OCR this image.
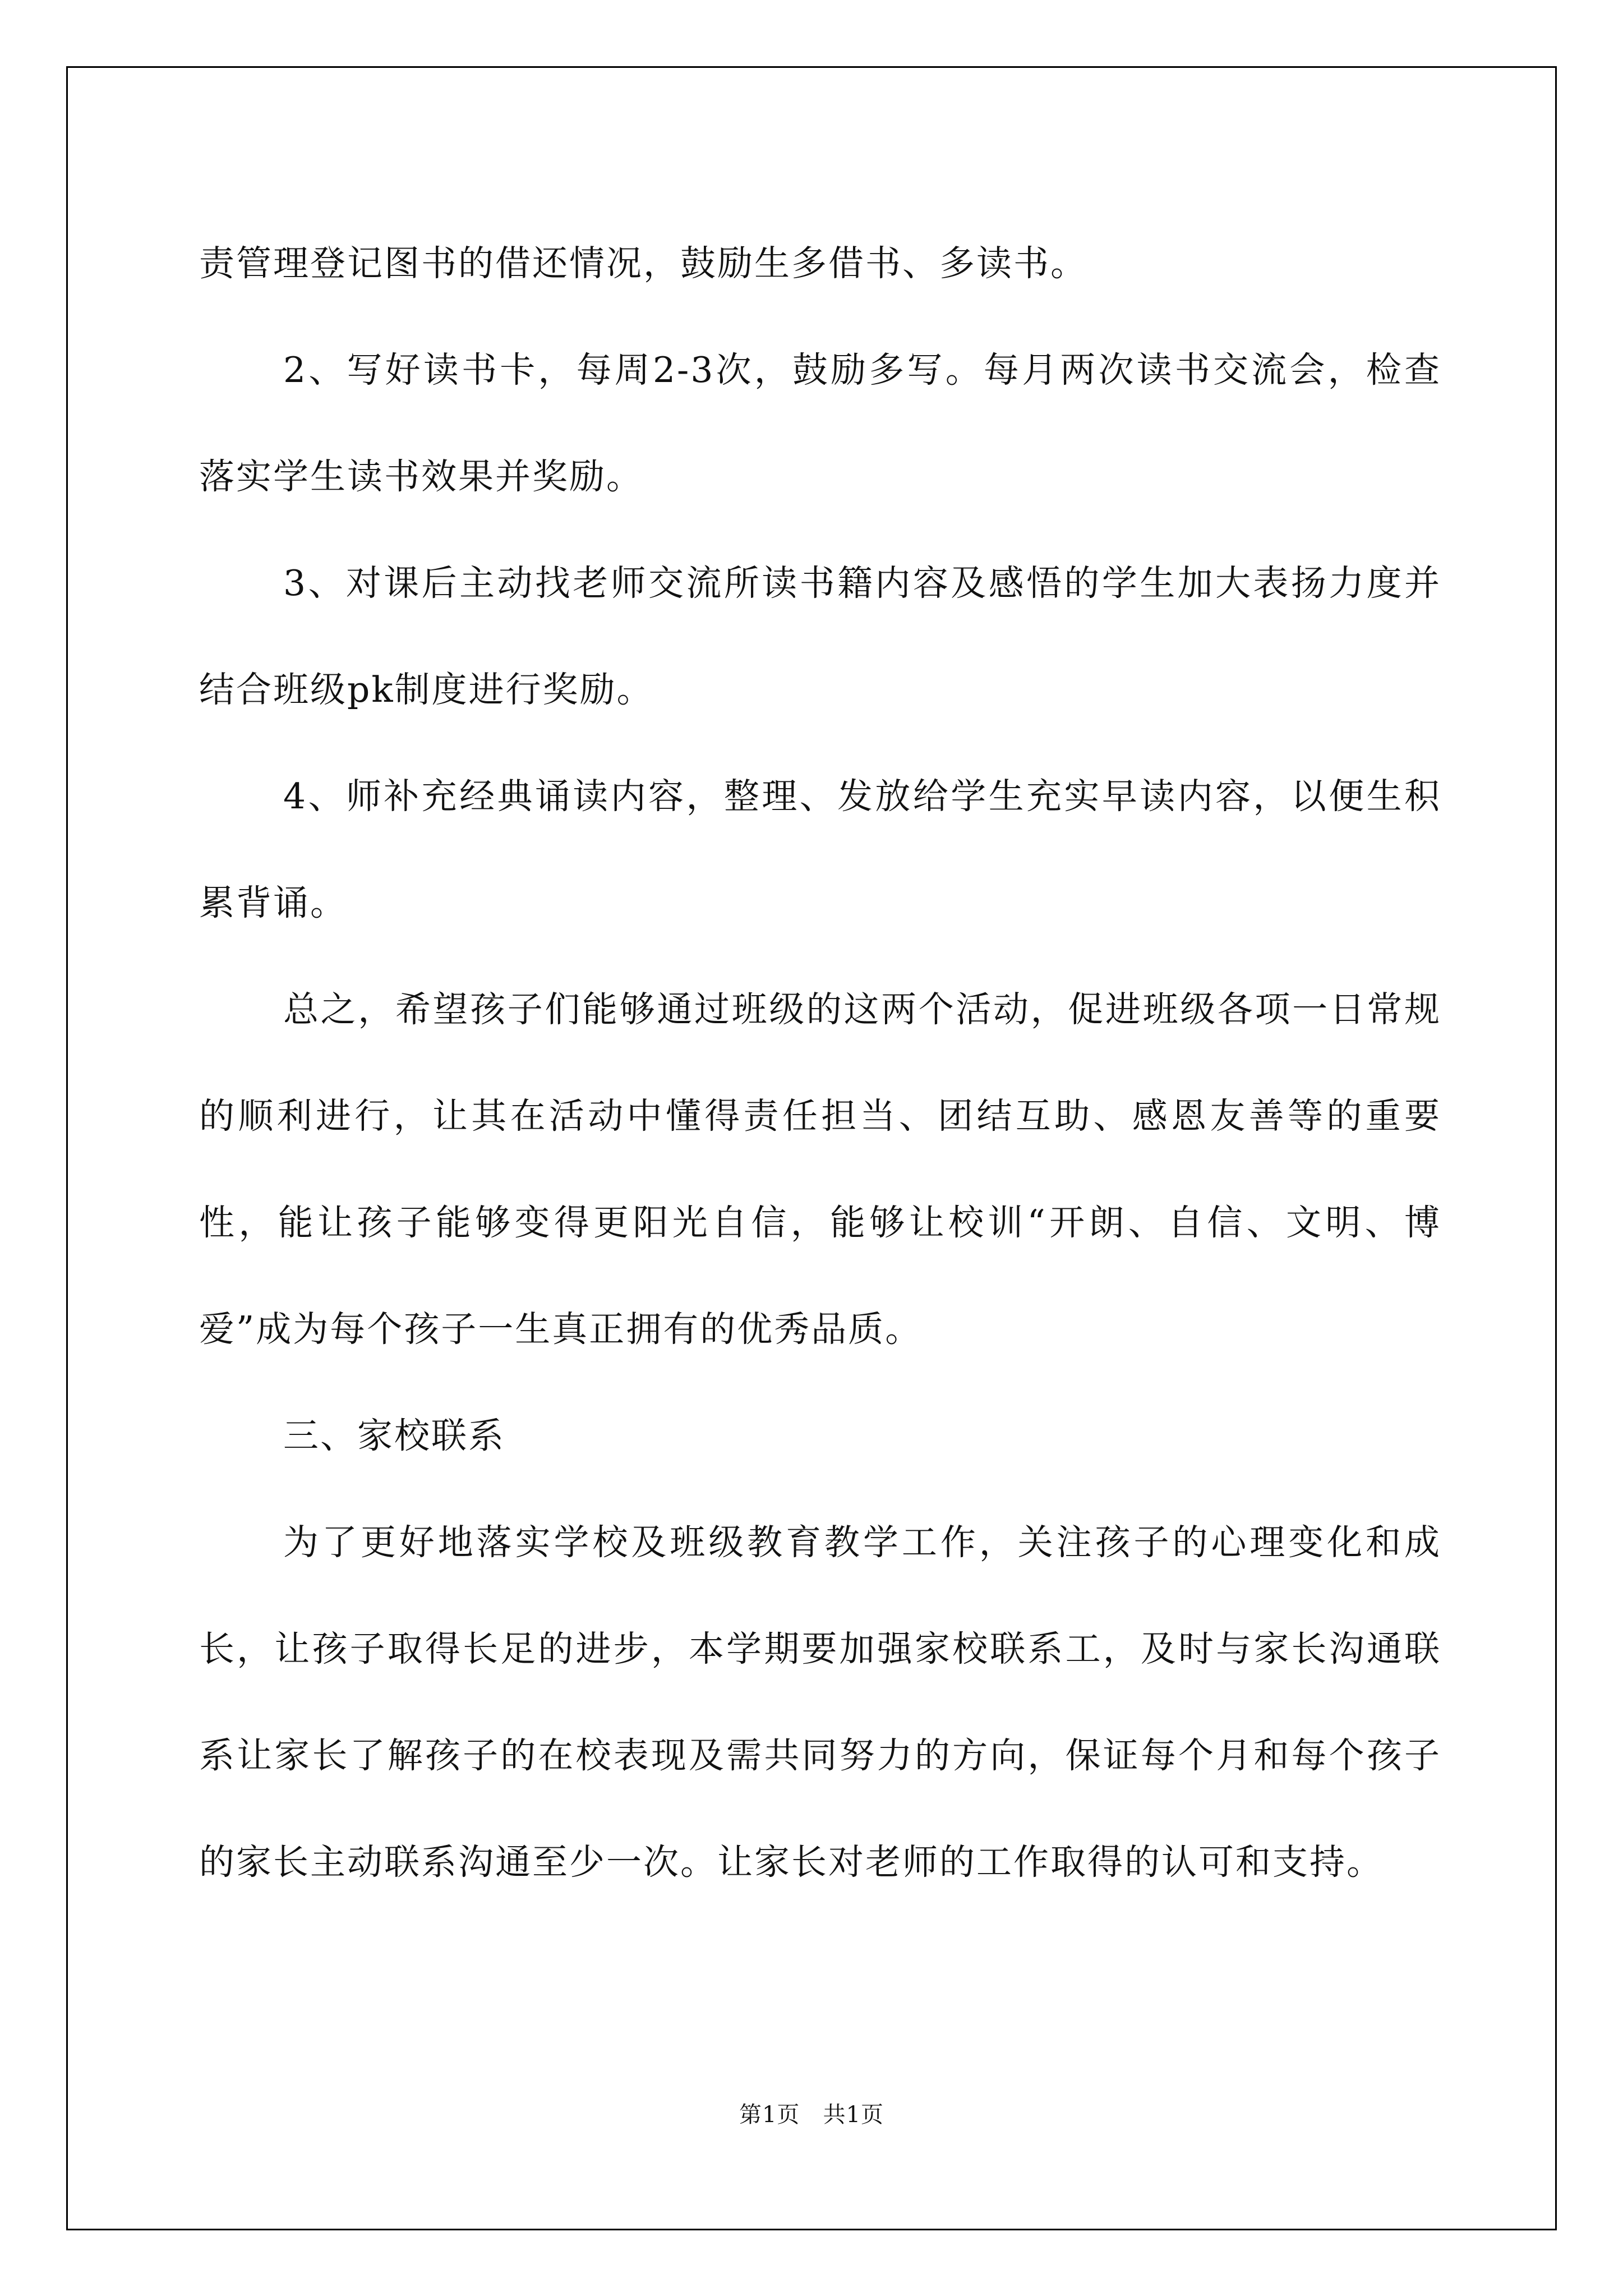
责管理登记图书的借还情况，鼓励生多借书、多读书。

2、写好读书卡，每周2-3次，鼓励多写。每月两次读书交流会，检查落实学生读书效果并奖励。

3、对课后主动找老师交流所读书籍内容及感悟的学生加大表扬力度并结合班级pk制度进行奖励。

4、师补充经典诵读内容，整理、发放给学生充实早读内容，以便生积累背诵。

总之，希望孩子们能够通过班级的这两个活动，促进班级各项一日常规的顺利进行，让其在活动中懂得责任担当、团结互助、感恩友善等的重要性，能让孩子能够变得更阳光自信，能够让校训“开朗、自信、文明、博爱”成为每个孩子一生真正拥有的优秀品质。

三、家校联系

为了更好地落实学校及班级教育教学工作，关注孩子的心理变化和成长，让孩子取得长足的进步，本学期要加强家校联系工，及时与家长沟通联系让家长了解孩子的在校表现及需共同努力的方向，保证每个月和每个孩子的家长主动联系沟通至少一次。让家长对老师的工作取得的认可和支持。

第1页 共1页
